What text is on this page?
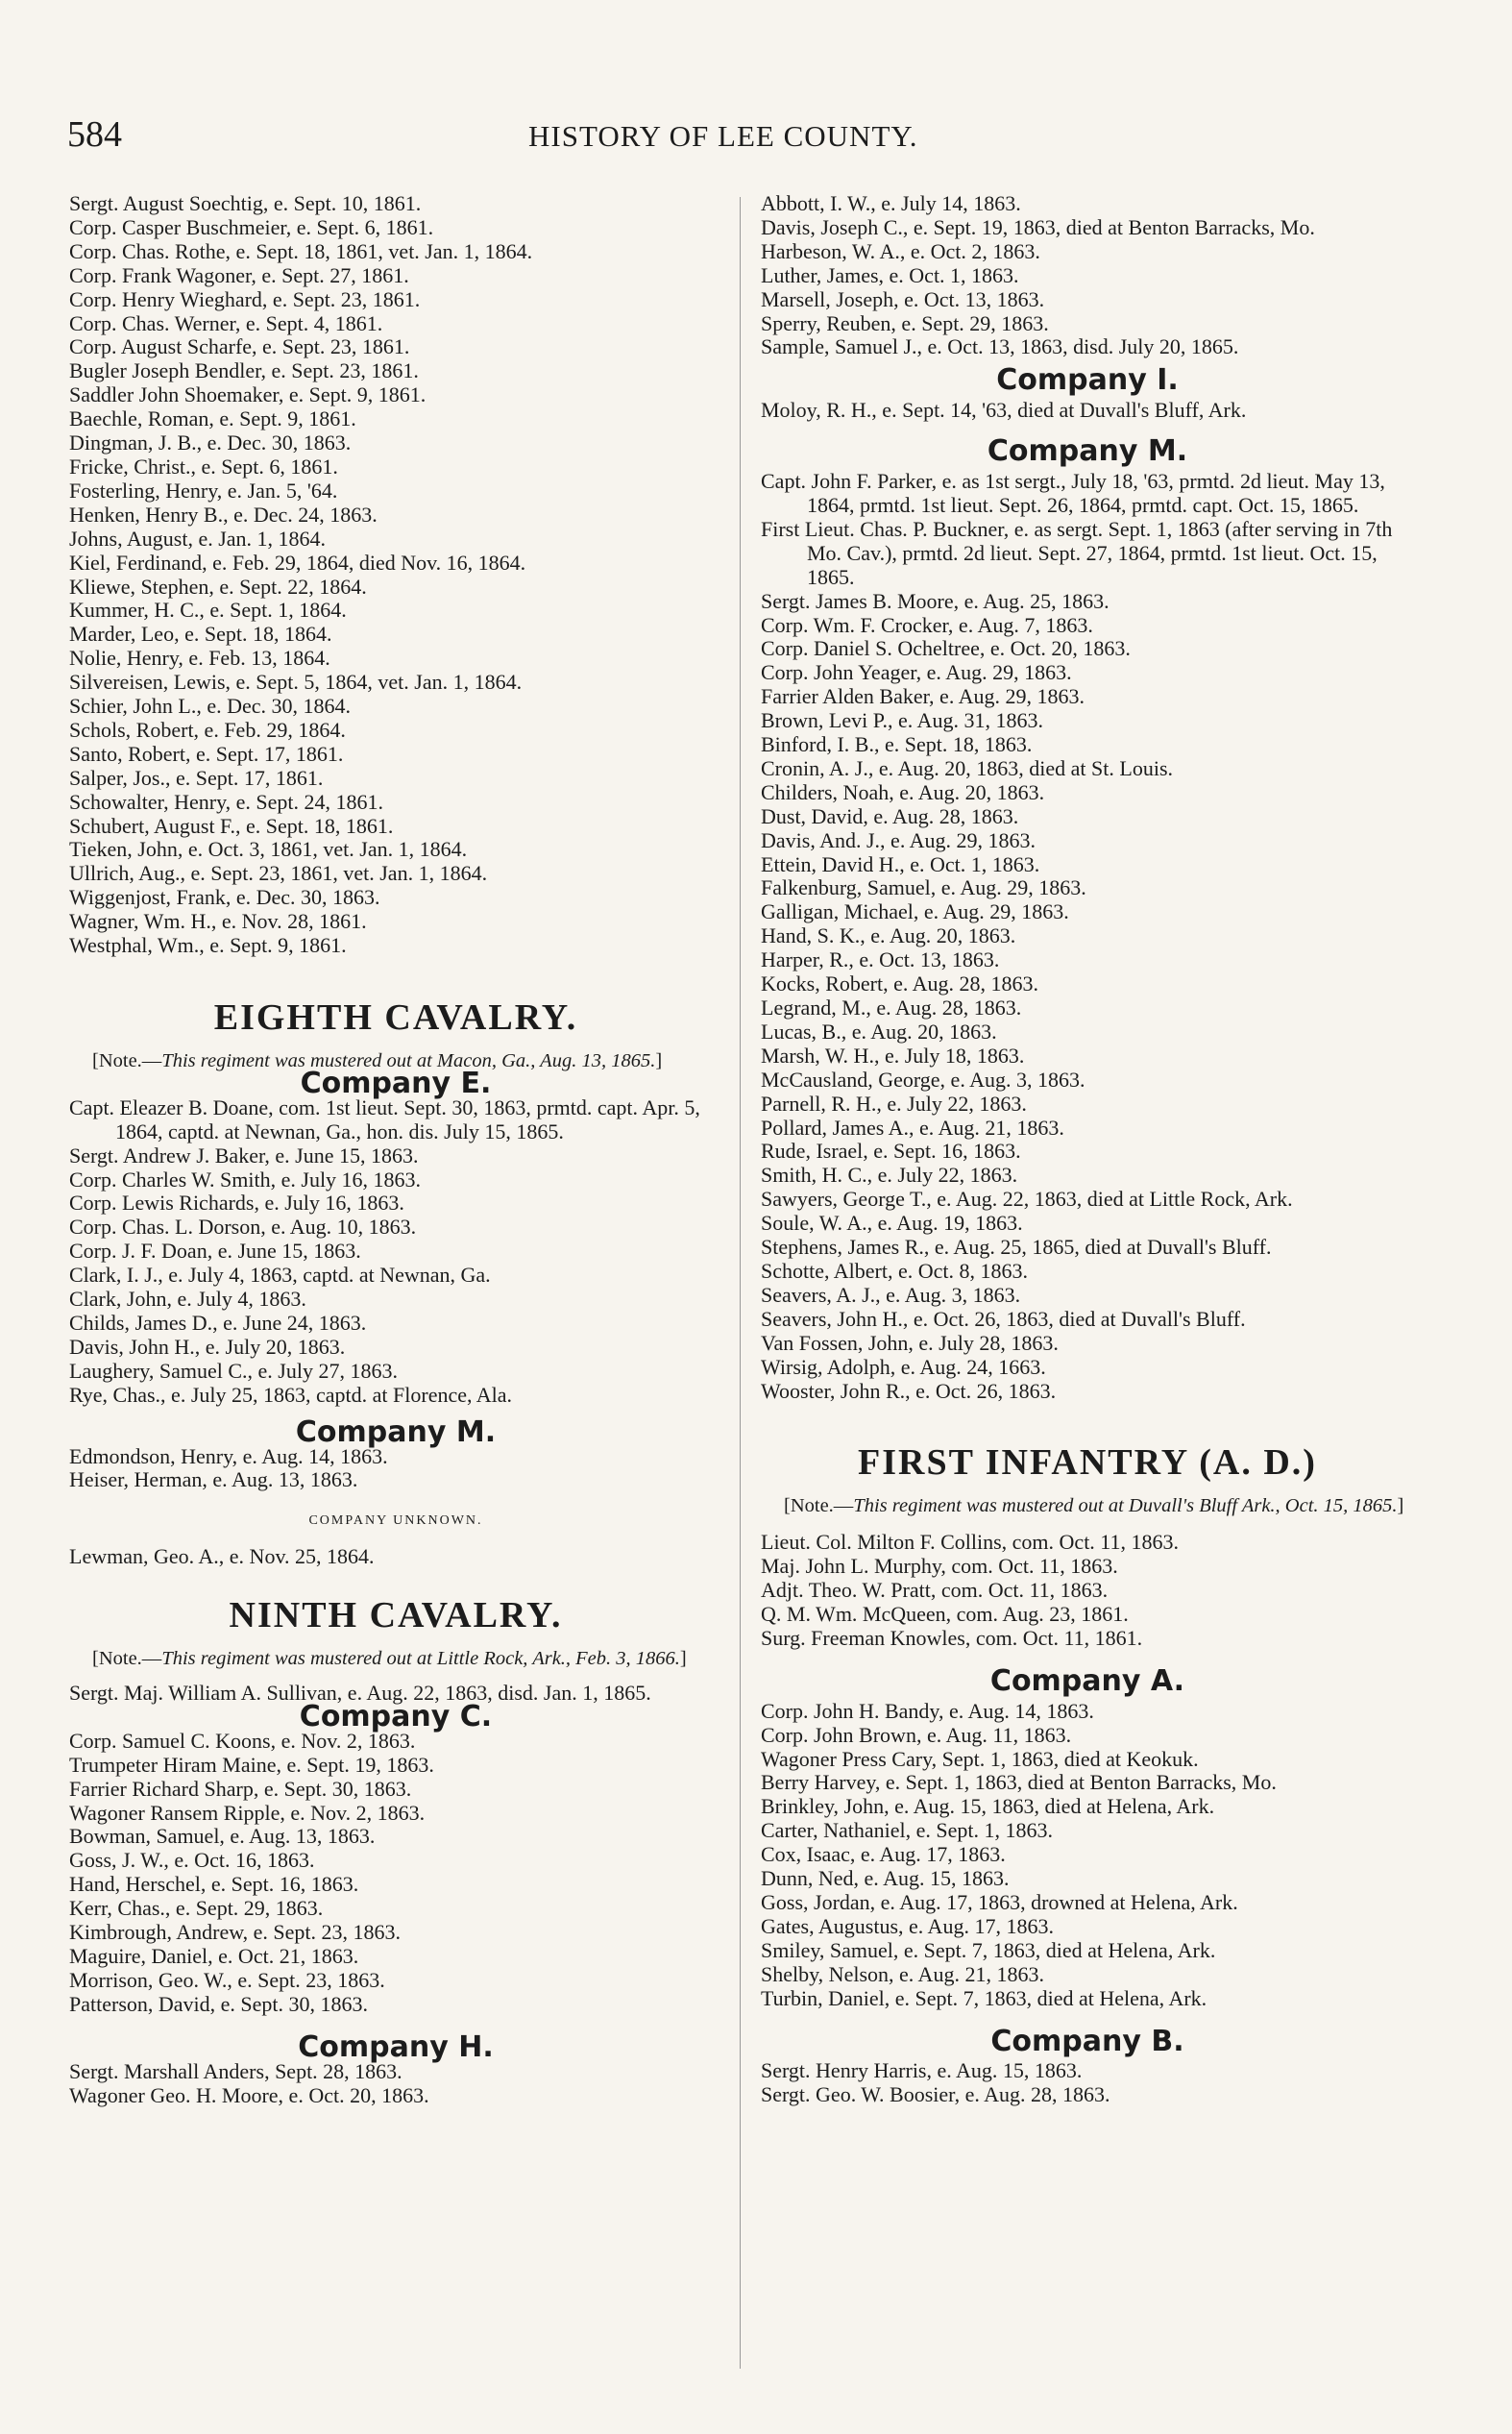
584	HISTORY OF LEE COUNTY.
Sergt. August Soechtig, e. Sept. 10, 1861.
Corp. Casper Buschmeier, e. Sept. 6, 1861.
Corp. Chas. Rothe, e. Sept. 18, 1861, vet. Jan. 1, 1864.
Corp. Frank Wagoner, e. Sept. 27, 1861.
Corp. Henry Wieghard, e. Sept. 23, 1861.
Corp. Chas. Werner, e. Sept. 4, 1861.
Corp. August Scharfe, e. Sept. 23, 1861.
Bugler Joseph Bendler, e. Sept. 23, 1861.
Saddler John Shoemaker, e. Sept. 9, 1861.
Baechle, Roman, e. Sept. 9, 1861.
Dingman, J. B., e. Dec. 30, 1863.
Fricke, Christ., e. Sept. 6, 1861.
Fosterling, Henry, e. Jan. 5, '64.
Henken, Henry B., e. Dec. 24, 1863.
Johns, August, e. Jan. 1, 1864.
Kiel, Ferdinand, e. Feb. 29, 1864, died Nov. 16, 1864.
Kliewe, Stephen, e. Sept. 22, 1864.
Kummer, H. C., e. Sept. 1, 1864.
Marder, Leo, e. Sept. 18, 1864.
Nolie, Henry, e. Feb. 13, 1864.
Silvereisen, Lewis, e. Sept. 5, 1864, vet. Jan. 1, 1864.
Schier, John L., e. Dec. 30, 1864.
Schols, Robert, e. Feb. 29, 1864.
Santo, Robert, e. Sept. 17, 1861.
Salper, Jos., e. Sept. 17, 1861.
Schowalter, Henry, e. Sept. 24, 1861.
Schubert, August F., e. Sept. 18, 1861.
Tieken, John, e. Oct. 3, 1861, vet. Jan. 1, 1864.
Ullrich, Aug., e. Sept. 23, 1861, vet. Jan. 1, 1864.
Wiggenjost, Frank, e. Dec. 30, 1863.
Wagner, Wm. H., e. Nov. 28, 1861.
Westphal, Wm., e. Sept. 9, 1861.
EIGHTH CAVALRY.

[Note.—This regiment was mustered out at Macon, Ga., Aug. 13, 1865.]

Company E.
Capt. Eleazer B. Doane, com. 1st lieut. Sept. 30, 1863, prmtd. capt. Apr. 5, 1864, captd. at Newnan, Ga., hon. dis. July 15, 1865.
Sergt. Andrew J. Baker, e. June 15, 1863.
Corp. Charles W. Smith, e. July 16, 1863.
Corp. Lewis Richards, e. July 16, 1863.
Corp. Chas. L. Dorson, e. Aug. 10, 1863.
Corp. J. F. Doan, e. June 15, 1863.
Clark, I. J., e. July 4, 1863, captd. at Newnan, Ga.
Clark, John, e. July 4, 1863.
Childs, James D., e. June 24, 1863.
Davis, John H., e. July 20, 1863.
Laughery, Samuel C., e. July 27, 1863.
Rye, Chas., e. July 25, 1863, captd. at Florence, Ala.
Company M.
Edmondson, Henry, e. Aug. 14, 1863.
Heiser, Herman, e. Aug. 13, 1863.

COMPANY UNKNOWN.

Lewman, Geo. A., e. Nov. 25, 1864.
NINTH CAVALRY.

[Note.—This regiment was mustered out at Little Rock, Ark., Feb. 3, 1866.]

Sergt. Maj. William A. Sullivan, e. Aug. 22, 1863, disd. Jan. 1, 1865.
Company C.
Corp. Samuel C. Koons, e. Nov. 2, 1863.
Trumpeter Hiram Maine, e. Sept. 19, 1863.
Farrier Richard Sharp, e. Sept. 30, 1863.
Wagoner Ransem Ripple, e. Nov. 2, 1863.
Bowman, Samuel, e. Aug. 13, 1863.
Goss, J. W., e. Oct. 16, 1863.
Hand, Herschel, e. Sept. 16, 1863.
Kerr, Chas., e. Sept. 29, 1863.
Kimbrough, Andrew, e. Sept. 23, 1863.
Maguire, Daniel, e. Oct. 21, 1863.
Morrison, Geo. W., e. Sept. 23, 1863.
Patterson, David, e. Sept. 30, 1863.
Company H.
Sergt. Marshall Anders, Sept. 28, 1863.
Wagoner Geo. H. Moore, e. Oct. 20, 1863.
Abbott, I. W., e. July 14, 1863.
Davis, Joseph C., e. Sept. 19, 1863, died at Benton Barracks, Mo.
Harbeson, W. A., e. Oct. 2, 1863.
Luther, James, e. Oct. 1, 1863.
Marsell, Joseph, e. Oct. 13, 1863.
Sperry, Reuben, e. Sept. 29, 1863.
Sample, Samuel J., e. Oct. 13, 1863, disd. July 20, 1865.
Company I.
Moloy, R. H., e. Sept. 14, '63, died at Duvall's Bluff, Ark.
Company M.
Capt. John F. Parker, e. as 1st sergt., July 18, '63, prmtd. 2d lieut. May 13, 1864, prmtd. 1st lieut. Sept. 26, 1864, prmtd. capt. Oct. 15, 1865.
First Lieut. Chas. P. Buckner, e. as sergt. Sept. 1, 1863 (after serving in 7th Mo. Cav.), prmtd. 2d lieut. Sept. 27, 1864, prmtd. 1st lieut. Oct. 15, 1865.
Sergt. James B. Moore, e. Aug. 25, 1863.
Corp. Wm. F. Crocker, e. Aug. 7, 1863.
Corp. Daniel S. Ocheltree, e. Oct. 20, 1863.
Corp. John Yeager, e. Aug. 29, 1863.
Farrier Alden Baker, e. Aug. 29, 1863.
Brown, Levi P., e. Aug. 31, 1863.
Binford, I. B., e. Sept. 18, 1863.
Cronin, A. J., e. Aug. 20, 1863, died at St. Louis.
Childers, Noah, e. Aug. 20, 1863.
Dust, David, e. Aug. 28, 1863.
Davis, And. J., e. Aug. 29, 1863.
Ettein, David H., e. Oct. 1, 1863.
Falkenburg, Samuel, e. Aug. 29, 1863.
Galligan, Michael, e. Aug. 29, 1863.
Hand, S. K., e. Aug. 20, 1863.
Harper, R., e. Oct. 13, 1863.
Kocks, Robert, e. Aug. 28, 1863.
Legrand, M., e. Aug. 28, 1863.
Lucas, B., e. Aug. 20, 1863.
Marsh, W. H., e. July 18, 1863.
McCausland, George, e. Aug. 3, 1863.
Parnell, R. H., e. July 22, 1863.
Pollard, James A., e. Aug. 21, 1863.
Rude, Israel, e. Sept. 16, 1863.
Smith, H. C., e. July 22, 1863.
Sawyers, George T., e. Aug. 22, 1863, died at Little Rock, Ark.
Soule, W. A., e. Aug. 19, 1863.
Stephens, James R., e. Aug. 25, 1865, died at Duvall's Bluff.
Schotte, Albert, e. Oct. 8, 1863.
Seavers, A. J., e. Aug. 3, 1863.
Seavers, John H., e. Oct. 26, 1863, died at Duvall's Bluff.
Van Fossen, John, e. July 28, 1863.
Wirsig, Adolph, e. Aug. 24, 1663.
Wooster, John R., e. Oct. 26, 1863.
FIRST INFANTRY (A. D.)

[Note.—This regiment was mustered out at Duvall's Bluff Ark., Oct. 15, 1865.]

Lieut. Col. Milton F. Collins, com. Oct. 11, 1863.
Maj. John L. Murphy, com. Oct. 11, 1863.
Adjt. Theo. W. Pratt, com. Oct. 11, 1863.
Q. M. Wm. McQueen, com. Aug. 23, 1861.
Surg. Freeman Knowles, com. Oct. 11, 1861.
Company A.
Corp. John H. Bandy, e. Aug. 14, 1863.
Corp. John Brown, e. Aug. 11, 1863.
Wagoner Press Cary, Sept. 1, 1863, died at Keokuk.
Berry Harvey, e. Sept. 1, 1863, died at Benton Barracks, Mo.
Brinkley, John, e. Aug. 15, 1863, died at Helena, Ark.
Carter, Nathaniel, e. Sept. 1, 1863.
Cox, Isaac, e. Aug. 17, 1863.
Dunn, Ned, e. Aug. 15, 1863.
Goss, Jordan, e. Aug. 17, 1863, drowned at Helena, Ark.
Gates, Augustus, e. Aug. 17, 1863.
Smiley, Samuel, e. Sept. 7, 1863, died at Helena, Ark.
Shelby, Nelson, e. Aug. 21, 1863.
Turbin, Daniel, e. Sept. 7, 1863, died at Helena, Ark.
Company B.
Sergt. Henry Harris, e. Aug. 15, 1863.
Sergt. Geo. W. Boosier, e. Aug. 28, 1863.
